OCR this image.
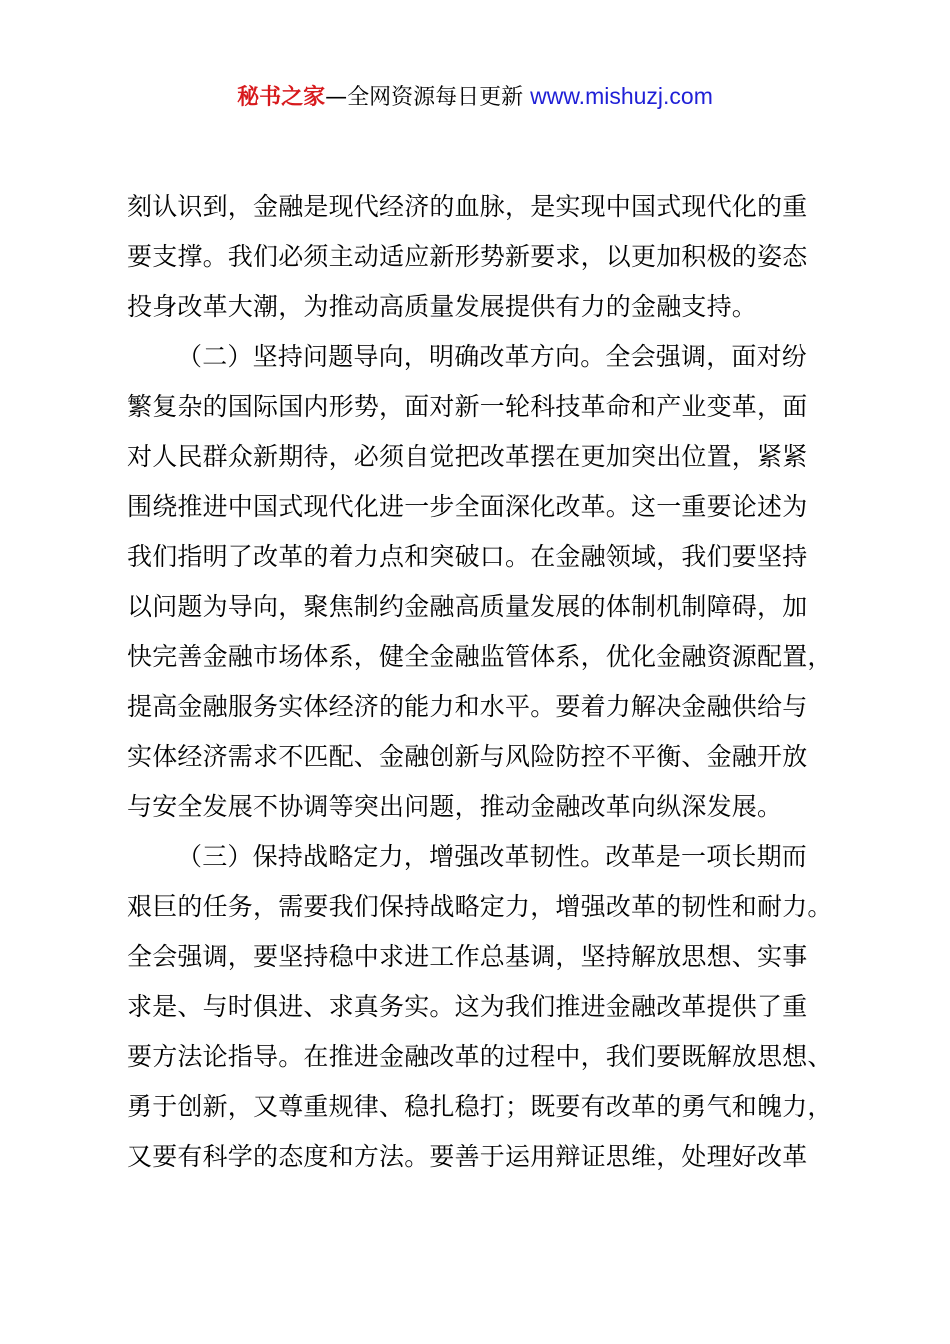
秘书之家—全网资源每日更新 www.mishuzj.com
刻认识到，金融是现代经济的血脉，是实现中国式现代化的重
要支撑。我们必须主动适应新形势新要求，以更加积极的姿态
投身改革大潮，为推动高质量发展提供有力的金融支持。
（二）坚持问题导向，明确改革方向。全会强调，面对纷
繁复杂的国际国内形势，面对新一轮科技革命和产业变革，面
对人民群众新期待，必须自觉把改革摆在更加突出位置，紧紧
围绕推进中国式现代化进一步全面深化改革。这一重要论述为
我们指明了改革的着力点和突破口。在金融领域，我们要坚持
以问题为导向，聚焦制约金融高质量发展的体制机制障碍，加
快完善金融市场体系，健全金融监管体系，优化金融资源配置，
提高金融服务实体经济的能力和水平。要着力解决金融供给与
实体经济需求不匹配、金融创新与风险防控不平衡、金融开放
与安全发展不协调等突出问题，推动金融改革向纵深发展。
（三）保持战略定力，增强改革韧性。改革是一项长期而
艰巨的任务，需要我们保持战略定力，增强改革的韧性和耐力。
全会强调，要坚持稳中求进工作总基调，坚持解放思想、实事
求是、与时俱进、求真务实。这为我们推进金融改革提供了重
要方法论指导。在推进金融改革的过程中，我们要既解放思想、
勇于创新，又尊重规律、稳扎稳打；既要有改革的勇气和魄力，
又要有科学的态度和方法。要善于运用辩证思维，处理好改革
